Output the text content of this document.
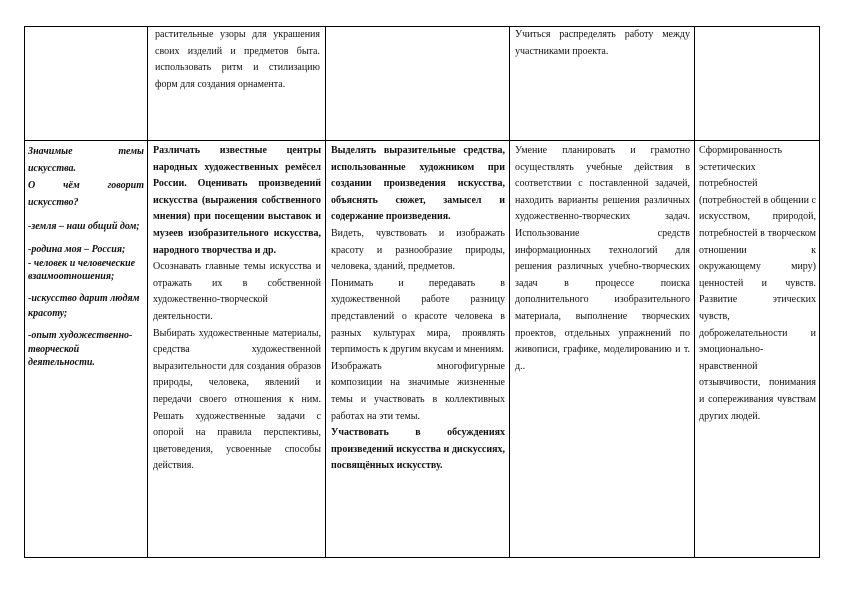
растительные узоры для украшения своих изделий и предметов быта. использовать ритм и стилизацию форм для создания орнамента.
Учиться распределять работу между участниками проекта.
Значимые темы искусства.
О чём говорит искусство?
-земля – наш общий дом;
-родина моя – Россия;
- человек и человеческие взаимоотношения;
-искусство дарит людям красоту;
-опыт художественно-творческой деятельности.
Различать известные центры народных художественных ремёсел России. Оценивать произведений искусства (выражения собственного мнения) при посещении выставок и музеев изобразительного искусства, народного творчества и др.
Осознавать главные темы искусства и отражать их в собственной художественно-творческой деятельности.
Выбирать художественные материалы, средства художественной выразительности для создания образов природы, человека, явлений и передачи своего отношения к ним. Решать художественные задачи с опорой на правила перспективы, цветоведения, усвоенные способы действия.
Выделять выразительные средства, использованные художником при создании произведения искусства, объяснять сюжет, замысел и содержание произведения.
Видеть, чувствовать и изображать красоту и разнообразие природы, человека, зданий, предметов.
Понимать и передавать в художественной работе разницу представлений о красоте человека в разных культурах мира, проявлять терпимость к другим вкусам и мнениям.
Изображать многофигурные композиции на значимые жизненные темы и участвовать в коллективных работах на эти темы.
Участвовать в обсуждениях произведений искусства и дискуссиях, посвящённых искусству.
Умение планировать и грамотно осуществлять учебные действия в соответствии с поставленной задачей, находить варианты решения различных художественно-творческих задач. Использование средств информационных технологий для решения различных учебно-творческих задач в процессе поиска дополнительного изобразительного материала, выполнение творческих проектов, отдельных упражнений по живописи, графике, моделированию и т. д..
Сформированность эстетических потребностей (потребностей в общении с искусством, природой, потребностей в творческом отношении к окружающему миру) ценностей и чувств. Развитие этических чувств, доброжелательности и эмоционально-нравственной отзывчивости, понимания и сопереживания чувствам других людей.
